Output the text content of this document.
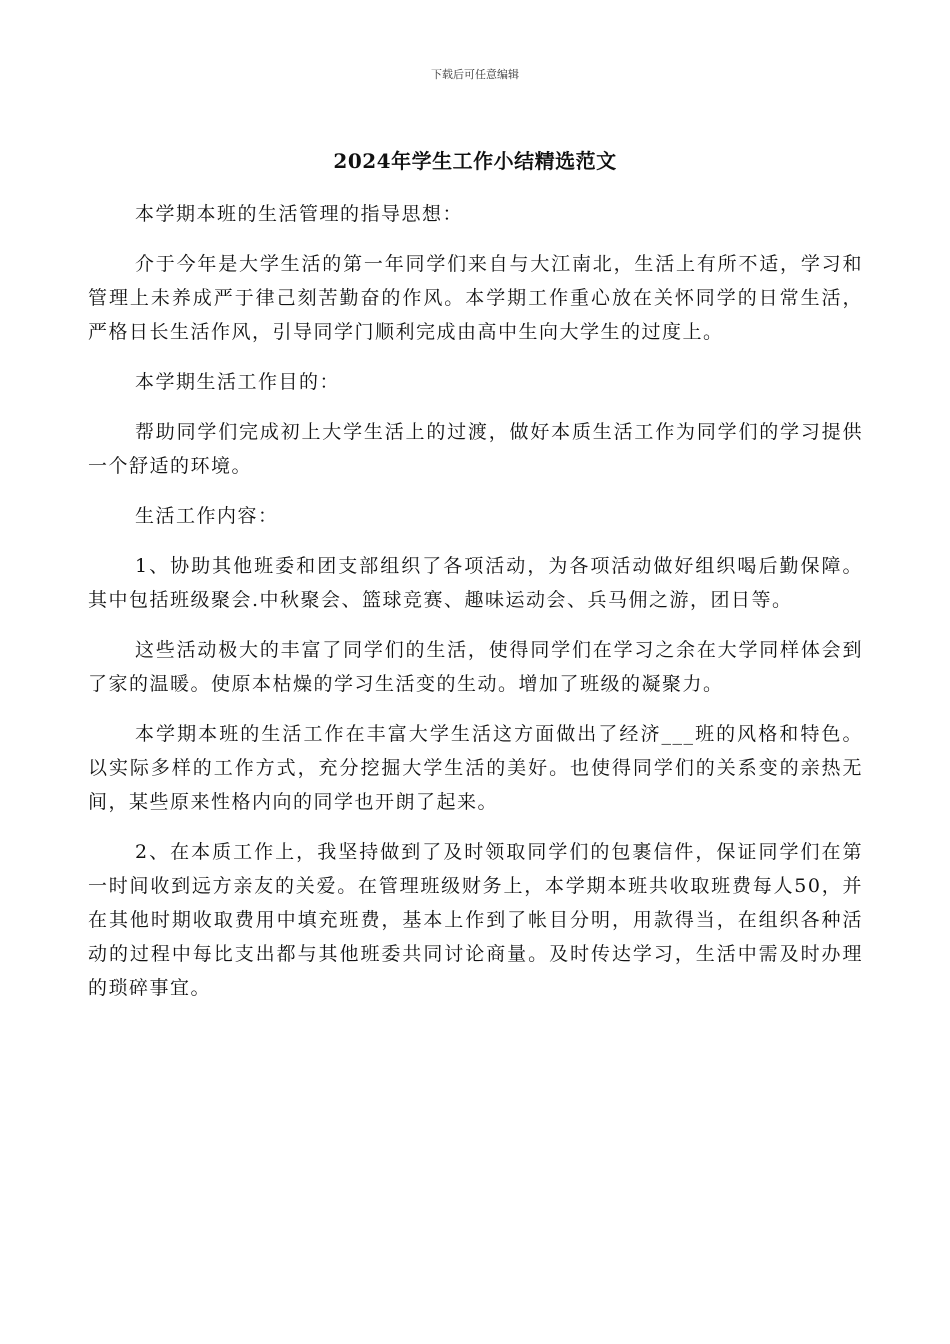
下载后可任意编辑
2024年学生工作小结精选范文

本学期本班的生活管理的指导思想：

介于今年是大学生活的第一年同学们来自与大江南北，生活上有所不适，学习和管理上未养成严于律己刻苦勤奋的作风。本学期工作重心放在关怀同学的日常生活，严格日长生活作风，引导同学门顺利完成由高中生向大学生的过度上。

本学期生活工作目的：

帮助同学们完成初上大学生活上的过渡，做好本质生活工作为同学们的学习提供一个舒适的环境。

生活工作内容：

1、协助其他班委和团支部组织了各项活动，为各项活动做好组织喝后勤保障。其中包括班级聚会.中秋聚会、篮球竞赛、趣味运动会、兵马佣之游，团日等。

这些活动极大的丰富了同学们的生活，使得同学们在学习之余在大学同样体会到了家的温暖。使原本枯燥的学习生活变的生动。增加了班级的凝聚力。

本学期本班的生活工作在丰富大学生活这方面做出了经济___班的风格和特色。以实际多样的工作方式，充分挖掘大学生活的美好。也使得同学们的关系变的亲热无间，某些原来性格内向的同学也开朗了起来。

2、在本质工作上，我坚持做到了及时领取同学们的包裹信件，保证同学们在第一时间收到远方亲友的关爱。在管理班级财务上，本学期本班共收取班费每人50，并在其他时期收取费用中填充班费，基本上作到了帐目分明，用款得当，在组织各种活动的过程中每比支出都与其他班委共同讨论商量。及时传达学习，生活中需及时办理的琐碎事宜。
